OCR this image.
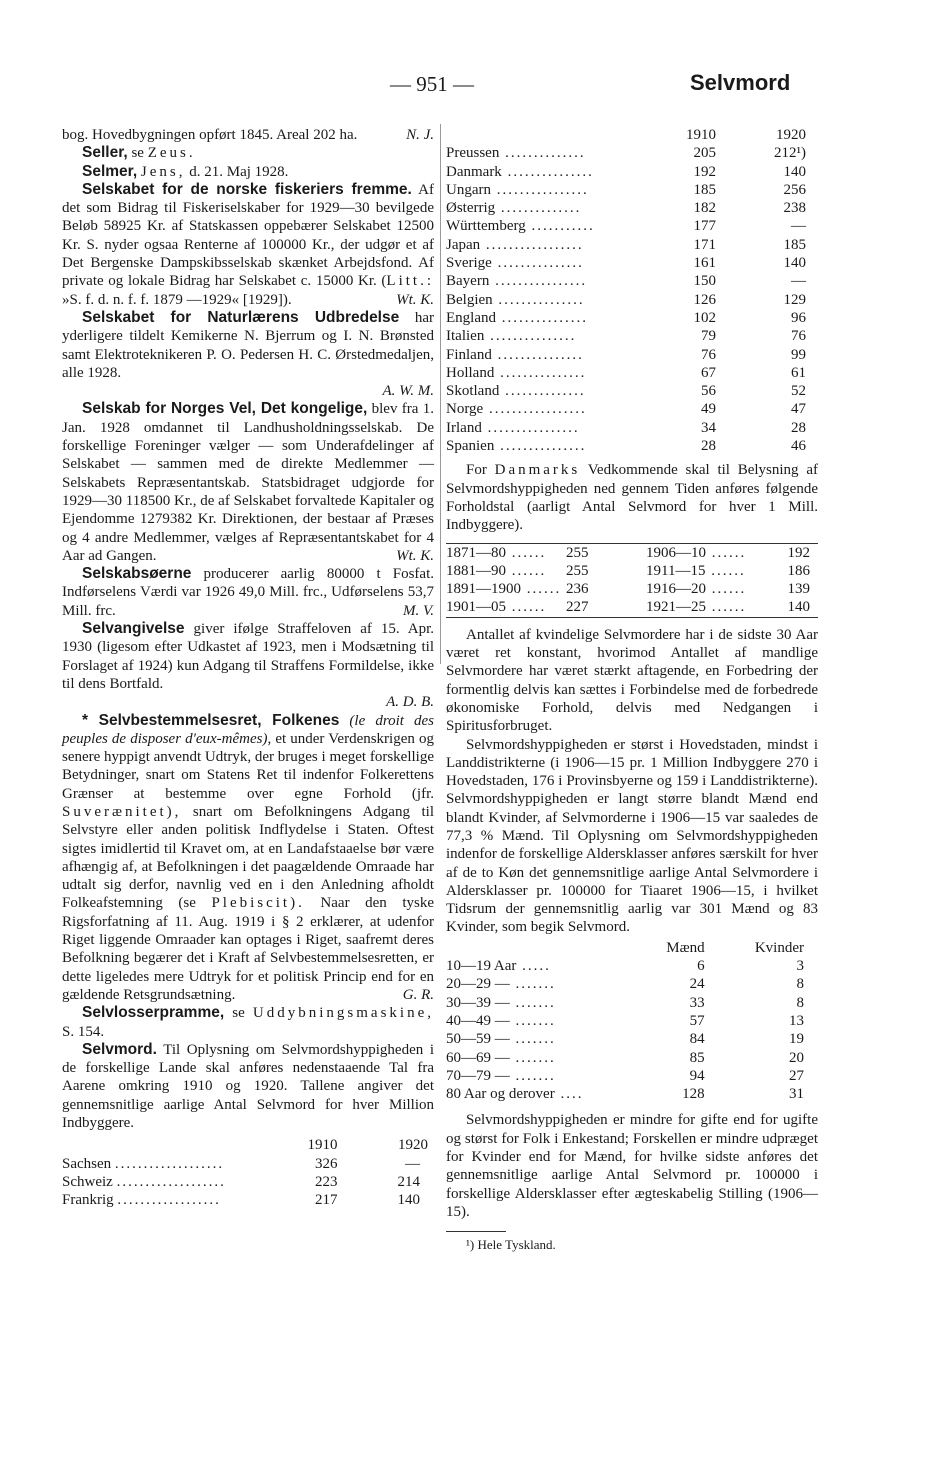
— 951 —	Selvmord

bog. Hovedbygningen opført 1845. Areal 202 ha.	N. J.

Seller, se Zeus.

Selmer, Jens, d. 21. Maj 1928.

Selskabet for de norske fiskeriers fremme. Af det som Bidrag til Fiskeriselskaber for 1929—30 bevilgede Beløb 58925 Kr. af Statskassen oppebærer Selskabet 12500 Kr. S. nyder ogsaa Renterne af 100000 Kr., der udgør et af Det Bergenske Dampskibsselskab skænket Arbejdsfond. Af private og lokale Bidrag har Selskabet c. 15000 Kr. (Litt.: »S. f. d. n. f. f. 1879 —1929« [1929]).	Wt. K.

Selskabet for Naturlærens Udbredelse har yderligere tildelt Kemikerne N. Bjerrum og I. N. Brønsted samt Elektroteknikeren P. O. Pedersen H. C. Ørstedmedaljen, alle 1928.

A. W. M.

Selskab for Norges Vel, Det kongelige, blev fra 1. Jan. 1928 omdannet til Landhusholdningsselskab. De forskellige Foreninger vælger — som Underafdelinger af Selskabet — sammen med de direkte Medlemmer — Selskabets Repræsentantskab. Statsbidraget udgjorde for 1929—30 118500 Kr., de af Selskabet forvaltede Kapitaler og Ejendomme 1279382 Kr. Direktionen, der bestaar af Præses og 4 andre Medlemmer, vælges af Repræsentantskabet for 4 Aar ad Gangen.	Wt. K.

Selskabsøerne producerer aarlig 80000 t Fosfat. Indførselens Værdi var 1926 49,0 Mill. frc., Udførselens 53,7 Mill. frc.	M. V.

Selvangivelse giver ifølge Straffeloven af 15. Apr. 1930 (ligesom efter Udkastet af 1923, men i Modsætning til Forslaget af 1924) kun Adgang til Straffens Formildelse, ikke til dens Bortfald.

A. D. B.

* Selvbestemmelsesret, Folkenes (le droit des peuples de disposer d'eux-mêmes), et under Verdenskrigen og senere hyppigt anvendt Udtryk, der bruges i meget forskellige Betydninger, snart om Statens Ret til indenfor Folkerettens Grænser at bestemme over egne Forhold (jfr. Suverænitet), snart om Befolkningens Adgang til Selvstyre eller anden politisk Indflydelse i Staten. Oftest sigtes imidlertid til Kravet om, at en Landafstaaelse bør være afhængig af, at Befolkningen i det paagældende Omraade har udtalt sig derfor, navnlig ved en i den Anledning afholdt Folkeafstemning (se Plebiscit). Naar den tyske Rigsforfatning af 11. Aug. 1919 i § 2 erklærer, at udenfor Riget liggende Omraader kan optages i Riget, saafremt deres Befolkning begærer det i Kraft af Selvbestemmelsesretten, er dette ligeledes mere Udtryk for et politisk Princip end for en gældende Retsgrundsætning.	G. R.

Selvlosserpramme, se Uddybningsmaskine, S. 154.

Selvmord. Til Oplysning om Selvmordshyppigheden i de forskellige Lande skal anføres nedenstaaende Tal fra Aarene omkring 1910 og 1920. Tallene angiver det gennemsnitlige aarlige Antal Selvmord for hver Million Indbyggere.

	1910	1920
Sachsen ...................	326	—
Schweiz ...................	223	214
Frankrig ..................	217	140
	1910	1920
Preussen ..............	205	212¹)
Danmark ...............	192	140
Ungarn ................	185	256
Østerrig ..............	182	238
Württemberg ...........	177	—
Japan .................	171	185
Sverige ...............	161	140
Bayern ................	150	—
Belgien ...............	126	129
England ...............	102	96
Italien ...............	79	76
Finland ...............	76	99
Holland ...............	67	61
Skotland ..............	56	52
Norge .................	49	47
Irland ................	34	28
Spanien ...............	28	46

For Danmarks Vedkommende skal til Belysning af Selvmordshyppigheden ned gennem Tiden anføres følgende Forholdstal (aarligt Antal Selvmord for hver 1 Mill. Indbyggere).

1871—80 ......	255	1906—10 ......	192
1881—90 ......	255	1911—15 ......	186
1891—1900 ......	236	1916—20 ......	139
1901—05 ......	227	1921—25 ......	140

Antallet af kvindelige Selvmordere har i de sidste 30 Aar været ret konstant, hvorimod Antallet af mandlige Selvmordere har været stærkt aftagende, en Forbedring der formentlig delvis kan sættes i Forbindelse med de forbedrede økonomiske Forhold, delvis med Nedgangen i Spiritusforbruget.

Selvmordshyppigheden er størst i Hovedstaden, mindst i Landdistrikterne (i 1906—15 pr. 1 Million Indbyggere 270 i Hovedstaden, 176 i Provinsbyerne og 159 i Landdistrikterne). Selvmordshyppigheden er langt større blandt Mænd end blandt Kvinder, af Selvmorderne i 1906—15 var saaledes de 77,3 % Mænd. Til Oplysning om Selvmordshyppigheden indenfor de forskellige Aldersklasser anføres særskilt for hver af de to Køn det gennemsnitlige aarlige Antal Selvmordere i Aldersklasser pr. 100000 for Tiaaret 1906—15, i hvilket Tidsrum der gennemsnitlig aarlig var 301 Mænd og 83 Kvinder, som begik Selvmord.

	Mænd	Kvinder
10—19 Aar .....	6	3
20—29 — .......	24	8
30—39 — .......	33	8
40—49 — .......	57	13
50—59 — .......	84	19
60—69 — .......	85	20
70—79 — .......	94	27
80 Aar og derover ....	128	31

Selvmordshyppigheden er mindre for gifte end for ugifte og størst for Folk i Enkestand; Forskellen er mindre udpræget for Kvinder end for Mænd, for hvilke sidste anføres det gennemsnitlige aarlige Antal Selvmord pr. 100000 i forskellige Aldersklasser efter ægteskabelig Stilling (1906—15).

¹) Hele Tyskland.
